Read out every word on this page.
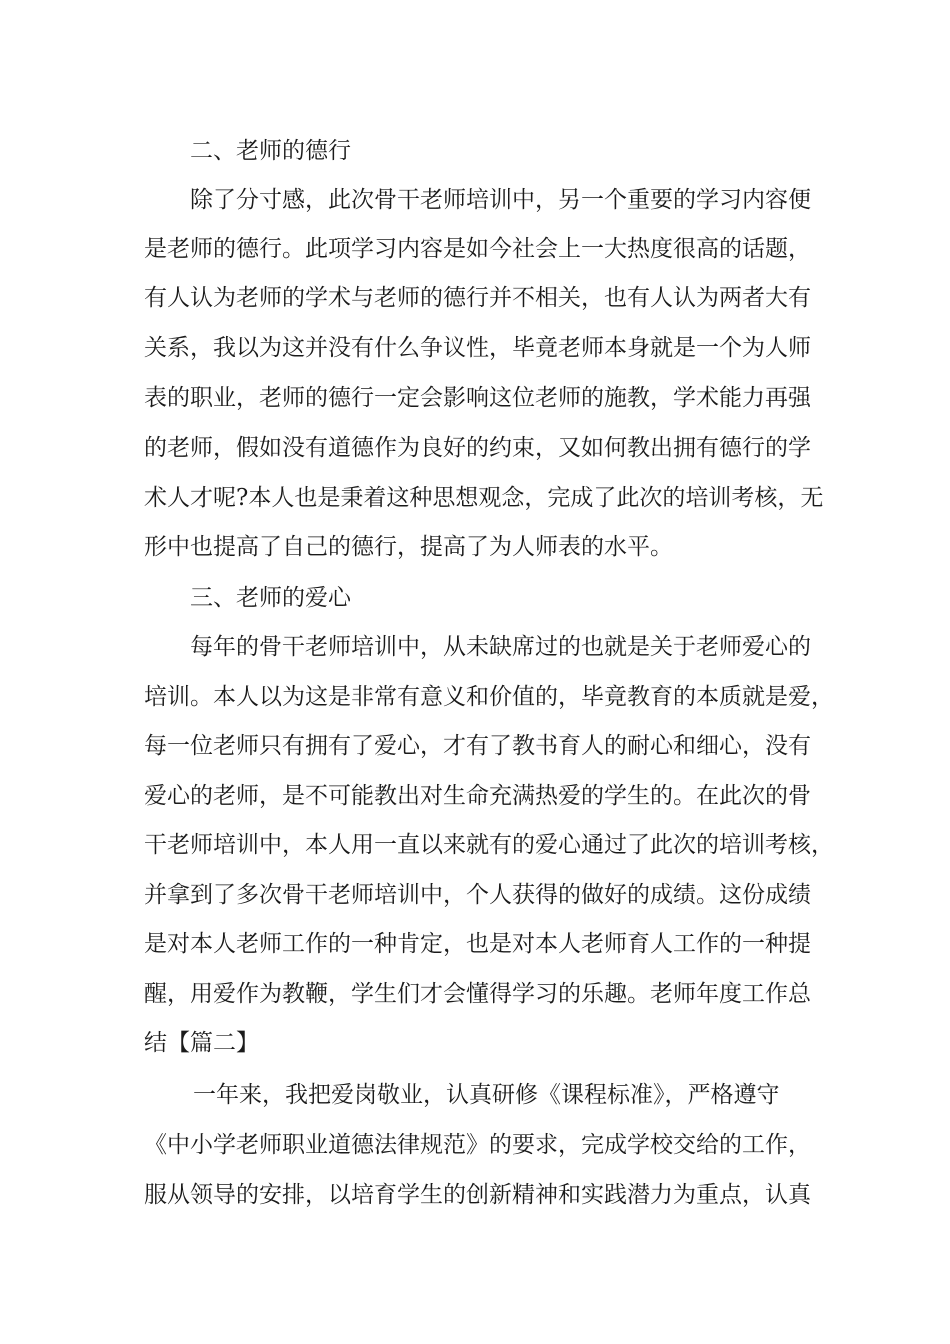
二、老师的德行
除了分寸感，此次骨干老师培训中，另一个重要的学习内容便
是老师的德行。此项学习内容是如今社会上一大热度很高的话题，
有人认为老师的学术与老师的德行并不相关，也有人认为两者大有
关系，我以为这并没有什么争议性，毕竟老师本身就是一个为人师
表的职业，老师的德行一定会影响这位老师的施教，学术能力再强
的老师，假如没有道德作为良好的约束，又如何教出拥有德行的学
术人才呢?本人也是秉着这种思想观念，完成了此次的培训考核，无
形中也提高了自己的德行，提高了为人师表的水平。
三、老师的爱心
每年的骨干老师培训中，从未缺席过的也就是关于老师爱心的
培训。本人以为这是非常有意义和价值的，毕竟教育的本质就是爱，
每一位老师只有拥有了爱心，才有了教书育人的耐心和细心，没有
爱心的老师，是不可能教出对生命充满热爱的学生的。在此次的骨
干老师培训中，本人用一直以来就有的爱心通过了此次的培训考核，
并拿到了多次骨干老师培训中，个人获得的做好的成绩。这份成绩
是对本人老师工作的一种肯定，也是对本人老师育人工作的一种提
醒，用爱作为教鞭，学生们才会懂得学习的乐趣。老师年度工作总
结【篇二】
一年来，我把爱岗敬业，认真研修《课程标准》，严格遵守
《中小学老师职业道德法律规范》的要求，完成学校交给的工作，
服从领导的安排，以培育学生的创新精神和实践潜力为重点，认真
